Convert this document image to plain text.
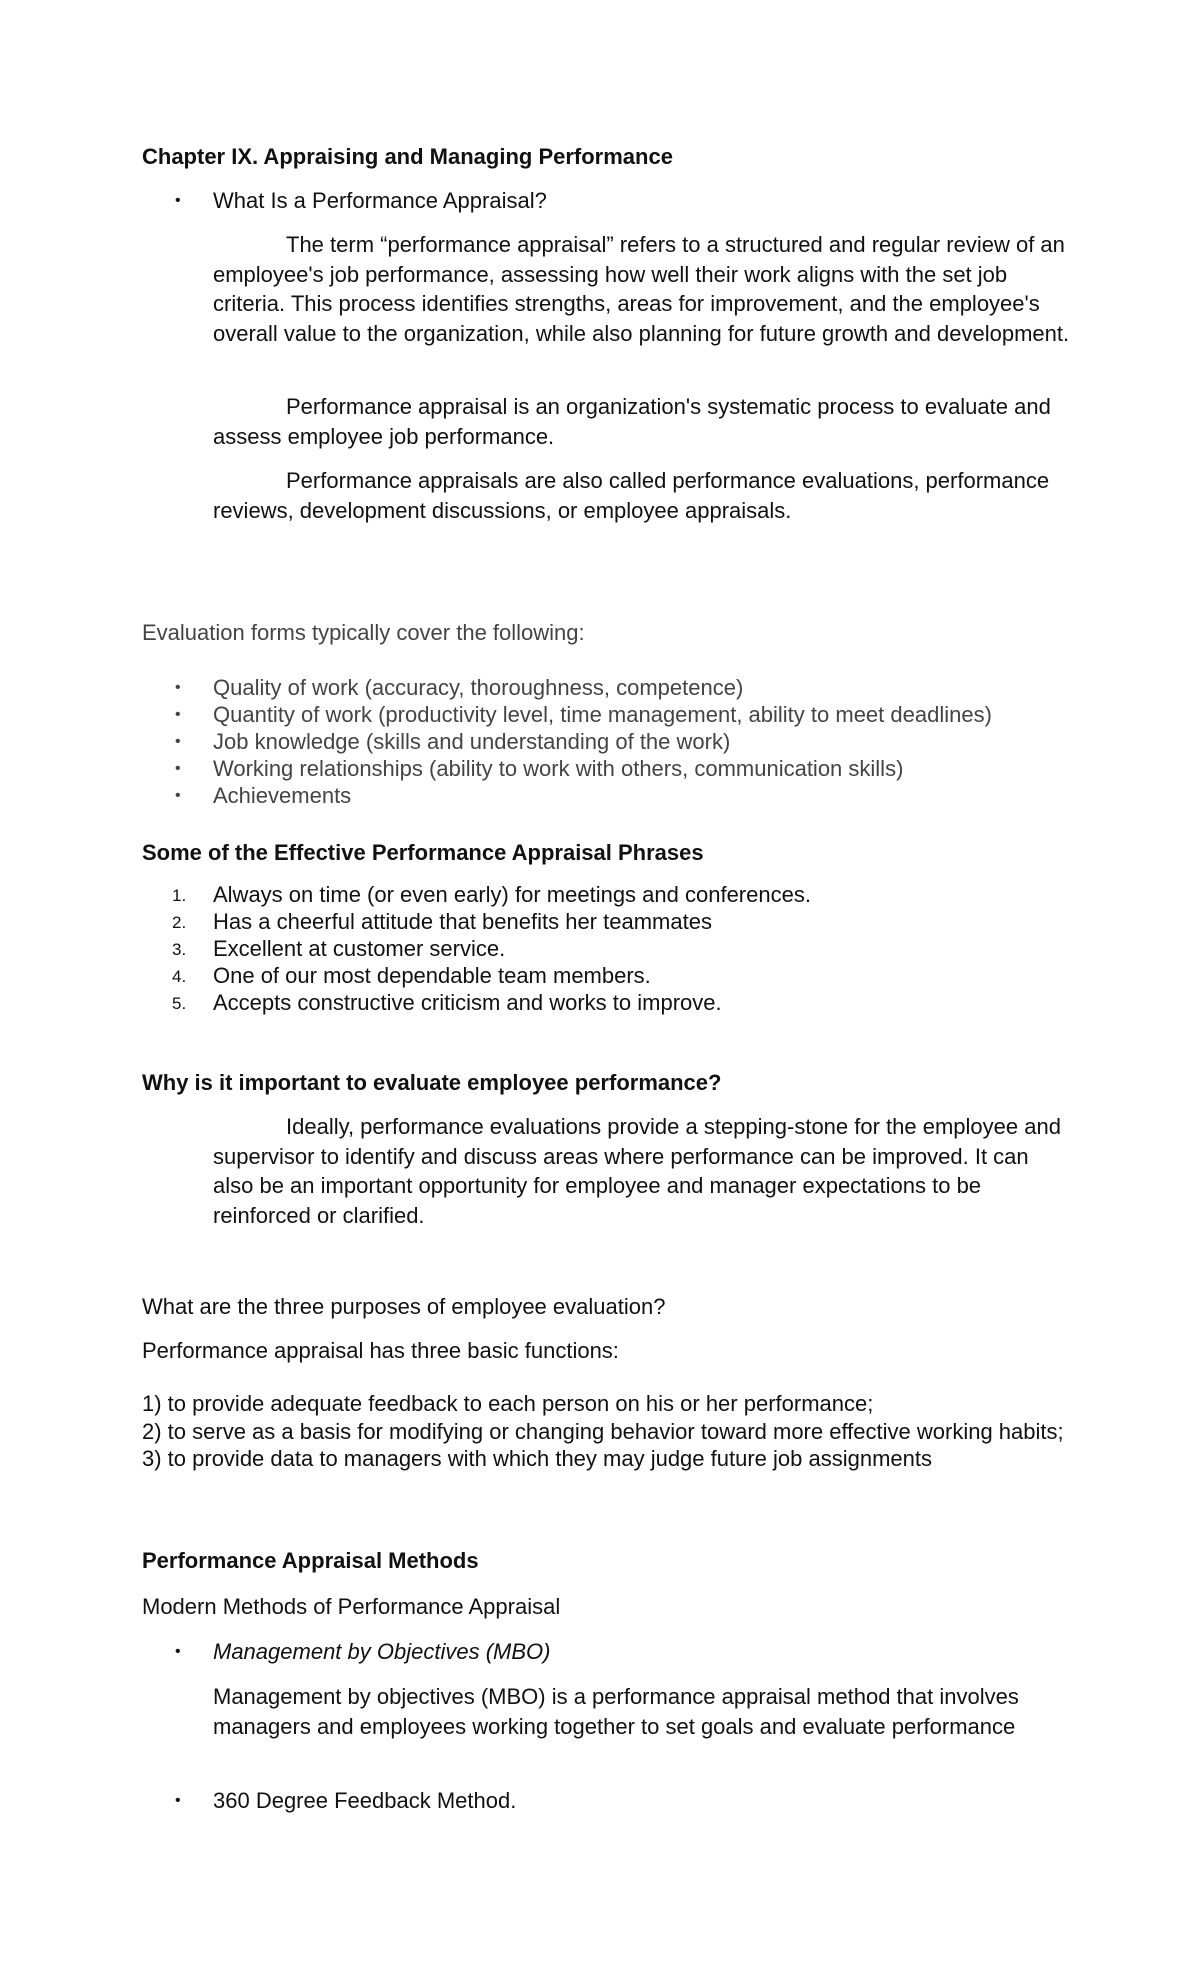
Chapter IX. Appraising and Managing Performance

• What Is a Performance Appraisal?

The term “performance appraisal” refers to a structured and regular review of an employee's job performance, assessing how well their work aligns with the set job criteria. This process identifies strengths, areas for improvement, and the employee's overall value to the organization, while also planning for future growth and development.

Performance appraisal is an organization's systematic process to evaluate and assess employee job performance.

Performance appraisals are also called performance evaluations, performance reviews, development discussions, or employee appraisals.

Evaluation forms typically cover the following:

• Quality of work (accuracy, thoroughness, competence)
• Quantity of work (productivity level, time management, ability to meet deadlines)
• Job knowledge (skills and understanding of the work)
• Working relationships (ability to work with others, communication skills)
• Achievements

Some of the Effective Performance Appraisal Phrases

1. Always on time (or even early) for meetings and conferences.
2. Has a cheerful attitude that benefits her teammates
3. Excellent at customer service.
4. One of our most dependable team members.
5. Accepts constructive criticism and works to improve.

Why is it important to evaluate employee performance?

Ideally, performance evaluations provide a stepping-stone for the employee and supervisor to identify and discuss areas where performance can be improved. It can also be an important opportunity for employee and manager expectations to be reinforced or clarified.

What are the three purposes of employee evaluation?

Performance appraisal has three basic functions:

1) to provide adequate feedback to each person on his or her performance;
2) to serve as a basis for modifying or changing behavior toward more effective working habits;
3) to provide data to managers with which they may judge future job assignments

Performance Appraisal Methods

Modern Methods of Performance Appraisal

• Management by Objectives (MBO)

Management by objectives (MBO) is a performance appraisal method that involves managers and employees working together to set goals and evaluate performance

• 360 Degree Feedback Method.
